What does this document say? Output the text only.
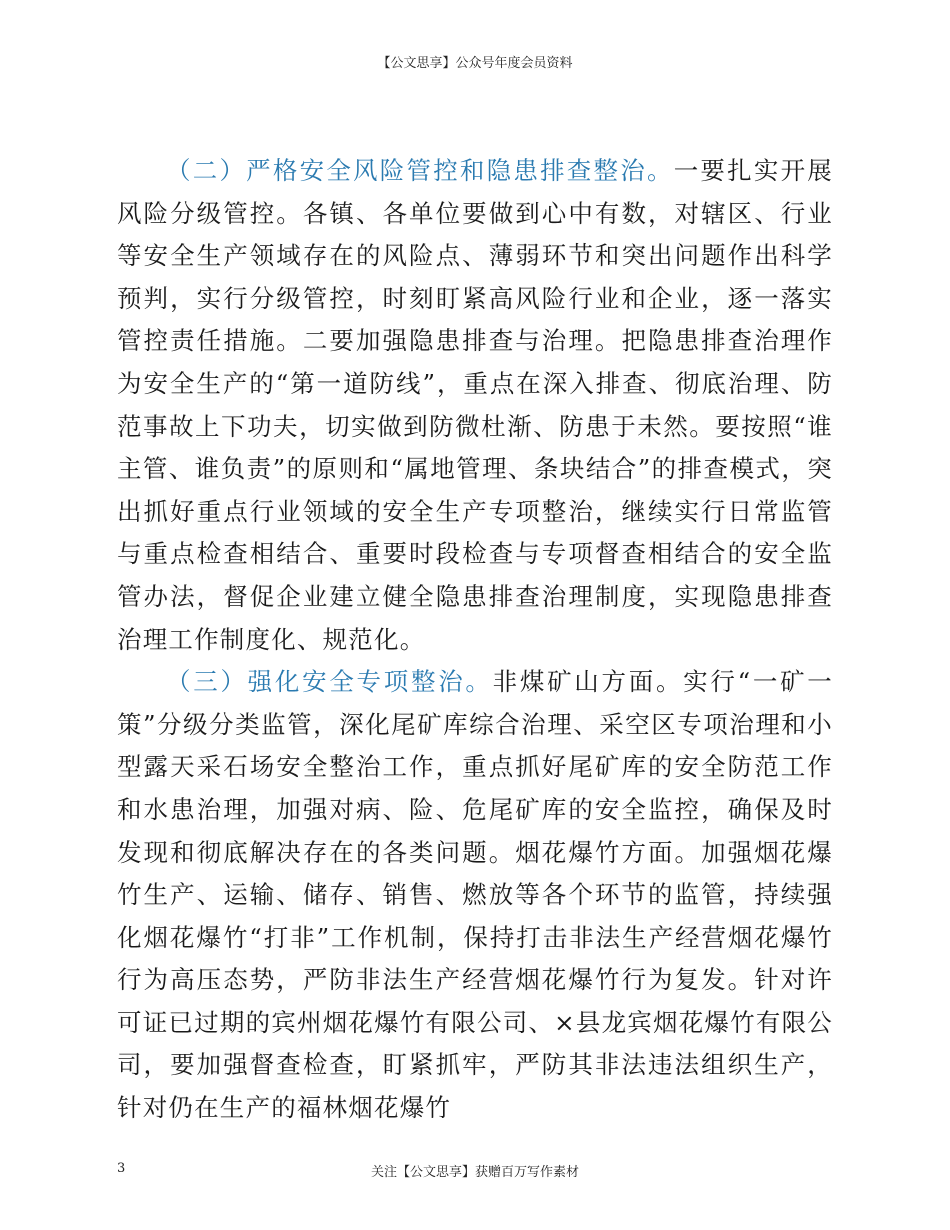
【公文思享】公众号年度会员资料

（二）严格安全风险管控和隐患排查整治。一要扎实开展风险分级管控。各镇、各单位要做到心中有数，对辖区、行业等安全生产领域存在的风险点、薄弱环节和突出问题作出科学预判，实行分级管控，时刻盯紧高风险行业和企业，逐一落实管控责任措施。二要加强隐患排查与治理。把隐患排查治理作为安全生产的“第一道防线”，重点在深入排查、彻底治理、防范事故上下功夫，切实做到防微杜渐、防患于未然。要按照“谁主管、谁负责”的原则和“属地管理、条块结合”的排查模式，突出抓好重点行业领域的安全生产专项整治，继续实行日常监管与重点检查相结合、重要时段检查与专项督查相结合的安全监管办法，督促企业建立健全隐患排查治理制度，实现隐患排查治理工作制度化、规范化。

（三）强化安全专项整治。非煤矿山方面。实行“一矿一策”分级分类监管，深化尾矿库综合治理、采空区专项治理和小型露天采石场安全整治工作，重点抓好尾矿库的安全防范工作和水患治理，加强对病、险、危尾矿库的安全监控，确保及时发现和彻底解决存在的各类问题。烟花爆竹方面。加强烟花爆竹生产、运输、储存、销售、燃放等各个环节的监管，持续强化烟花爆竹“打非”工作机制，保持打击非法生产经营烟花爆竹行为高压态势，严防非法生产经营烟花爆竹行为复发。针对许可证已过期的宾州烟花爆竹有限公司、×县龙宾烟花爆竹有限公司，要加强督查检查，盯紧抓牢，严防其非法违法组织生产，针对仍在生产的福林烟花爆竹

3	关注【公文思享】获赠百万写作素材
